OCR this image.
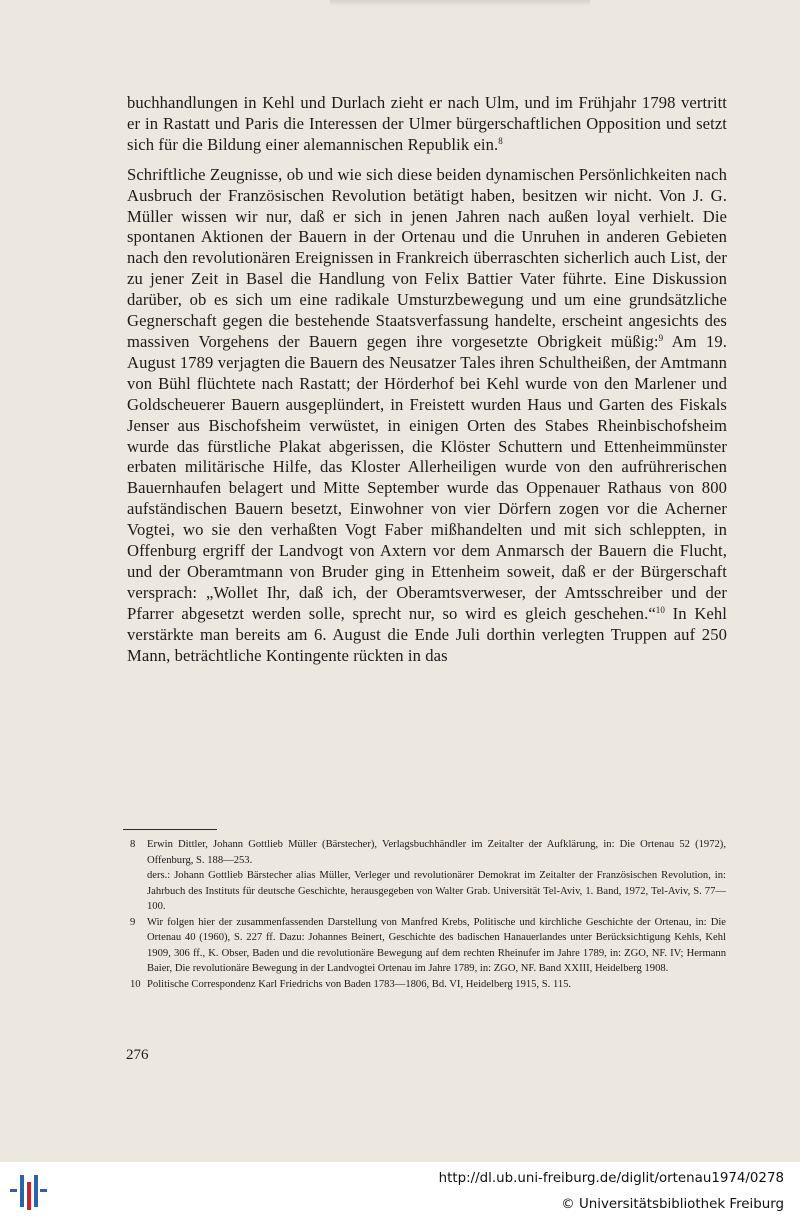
buchhandlungen in Kehl und Durlach zieht er nach Ulm, und im Frühjahr 1798 vertritt er in Rastatt und Paris die Interessen der Ulmer bürgerschaftlichen Opposition und setzt sich für die Bildung einer alemannischen Republik ein.$^8$

Schriftliche Zeugnisse, ob und wie sich diese beiden dynamischen Persönlichkeiten nach Ausbruch der Französischen Revolution betätigt haben, besitzen wir nicht. Von J. G. Müller wissen wir nur, daß er sich in jenen Jahren nach außen loyal verhielt. Die spontanen Aktionen der Bauern in der Ortenau und die Unruhen in anderen Gebieten nach den revolutionären Ereignissen in Frankreich überraschten sicherlich auch List, der zu jener Zeit in Basel die Handlung von Felix Battier Vater führte. Eine Diskussion darüber, ob es sich um eine radikale Umsturzbewegung und um eine grundsätzliche Gegnerschaft gegen die bestehende Staatsverfassung handelte, erscheint angesichts des massiven Vorgehens der Bauern gegen ihre vorgesetzte Obrigkeit müßig:$^9$ Am 19. August 1789 verjagten die Bauern des Neusatzer Tales ihren Schultheißen, der Amtmann von Bühl flüchtete nach Rastatt; der Hörderhof bei Kehl wurde von den Marlener und Goldscheuerer Bauern ausgeplündert, in Freistett wurden Haus und Garten des Fiskals Jenser aus Bischofsheim verwüstet, in einigen Orten des Stabes Rheinbischofsheim wurde das fürstliche Plakat abgerissen, die Klöster Schuttern und Ettenheimmünster erbaten militärische Hilfe, das Kloster Allerheiligen wurde von den aufrührerischen Bauernhaufen belagert und Mitte September wurde das Oppenauer Rathaus von 800 aufständischen Bauern besetzt, Einwohner von vier Dörfern zogen vor die Acherner Vogtei, wo sie den verhaßten Vogt Faber mißhandelten und mit sich schleppten, in Offenburg ergriff der Landvogt von Axtern vor dem Anmarsch der Bauern die Flucht, und der Oberamtmann von Bruder ging in Ettenheim soweit, daß er der Bürgerschaft versprach: „Wollet Ihr, daß ich, der Oberamtsverweser, der Amtsschreiber und der Pfarrer abgesetzt werden solle, sprecht nur, so wird es gleich geschehen.“$^{10}$ In Kehl verstärkte man bereits am 6. August die Ende Juli dorthin verlegten Truppen auf 250 Mann, beträchtliche Kontingente rückten in das

8 Erwin Dittler, Johann Gottlieb Müller (Bärstecher), Verlagsbuchhändler im Zeitalter der Aufklärung, in: Die Ortenau 52 (1972), Offenburg, S. 188—253.
ders.: Johann Gottlieb Bärstecher alias Müller, Verleger und revolutionärer Demokrat im Zeitalter der Französischen Revolution, in: Jahrbuch des Instituts für deutsche Geschichte, herausgegeben von Walter Grab. Universität Tel-Aviv, 1. Band, 1972, Tel-Aviv, S. 77—100.
9 Wir folgen hier der zusammenfassenden Darstellung von Manfred Krebs, Politische und kirchliche Geschichte der Ortenau, in: Die Ortenau 40 (1960), S. 227 ff. Dazu: Johannes Beinert, Geschichte des badischen Hanauerlandes unter Berücksichtigung Kehls, Kehl 1909, 306 ff., K. Obser, Baden und die revolutionäre Bewegung auf dem rechten Rheinufer im Jahre 1789, in: ZGO, NF. IV; Hermann Baier, Die revolutionäre Bewegung in der Landvogtei Ortenau im Jahre 1789, in: ZGO, NF. Band XXIII, Heidelberg 1908.
10 Politische Correspondenz Karl Friedrichs von Baden 1783—1806, Bd. VI, Heidelberg 1915, S. 115.
276
http://dl.ub.uni-freiburg.de/diglit/ortenau1974/0278
© Universitätsbibliothek Freiburg
